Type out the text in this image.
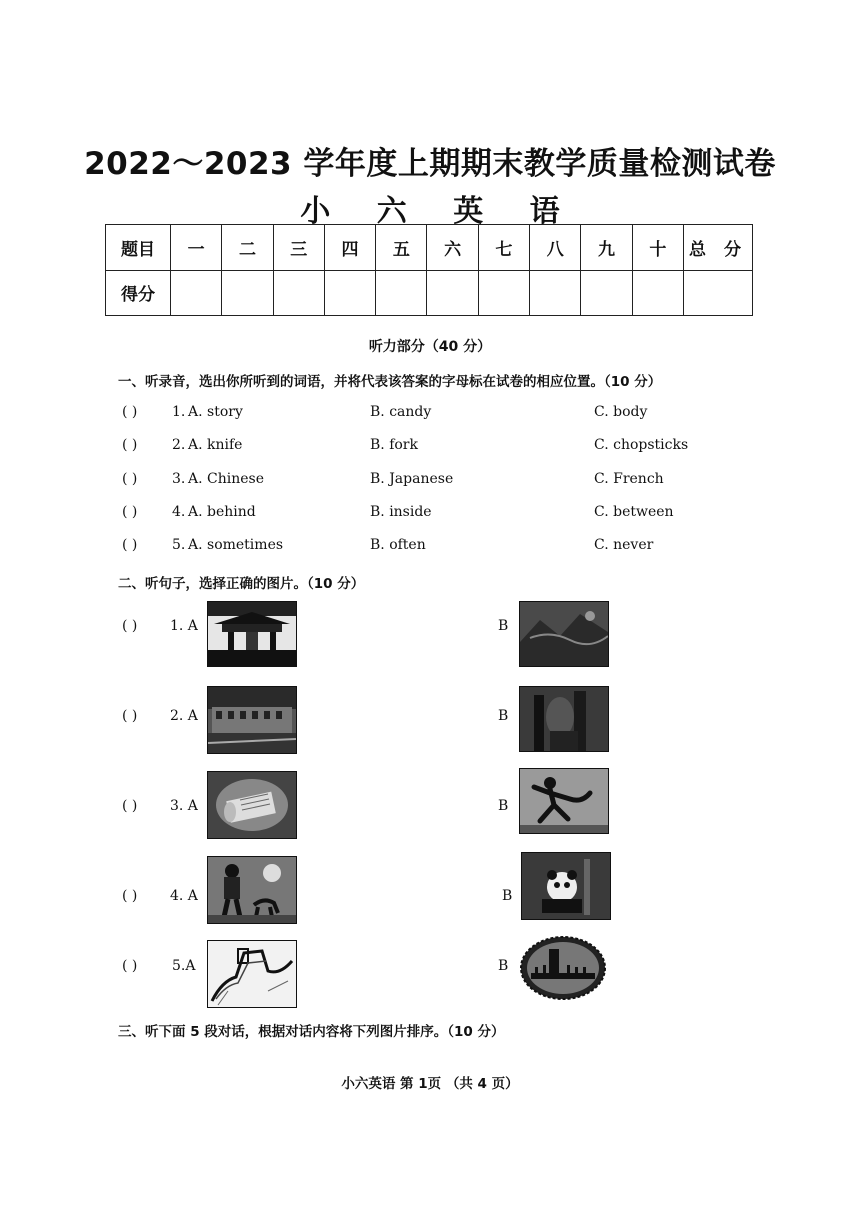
2022～2023 学年度上期期末教学质量检测试卷
小 六 英 语
题目	一	二	三	四	五	六	七	八	九	十	总 分
得分											
听力部分（40 分）
一、听录音，选出你所听到的词语，并将代表该答案的字母标在试卷的相应位置。（10 分）
( ) 1. A. story	B. candy	C. body
( ) 2. A. knife	B. fork	C. chopsticks
( ) 3. A. Chinese	B. Japanese	C. French
( ) 4. A. behind	B. inside	C. between
( ) 5. A. sometimes	B. often	C. never
二、听句子，选择正确的图片。（10 分）
( ) 1. A	B
( ) 2. A	B
( ) 3. A	B
( ) 4. A	B
( ) 5.A	B
三、听下面 5 段对话，根据对话内容将下列图片排序。（10 分）
小六英语 第 1页 （共 4 页）
